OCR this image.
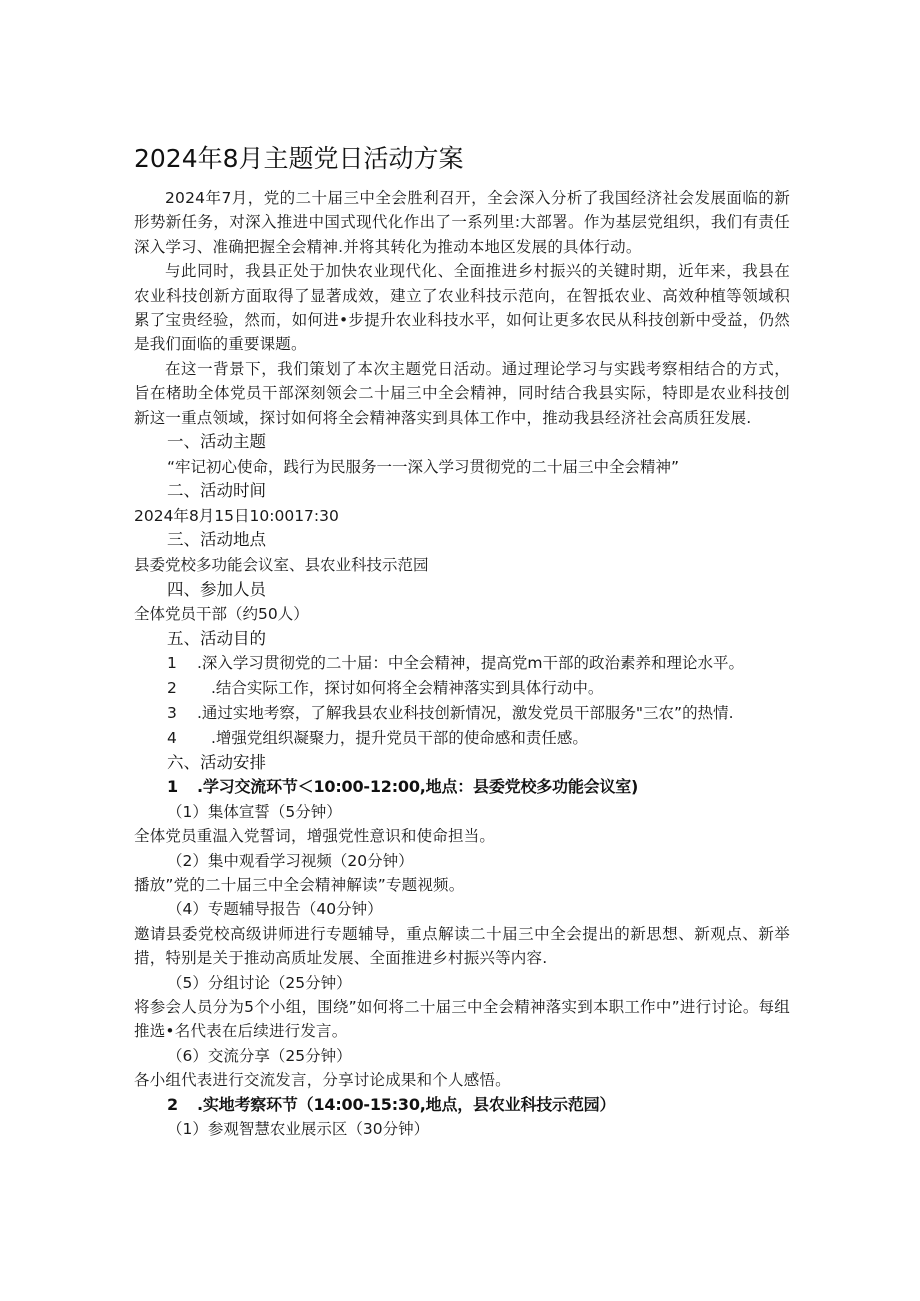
2024年8月主题党日活动方案

2024年7月，党的二十届三中全会胜利召开，全会深入分析了我国经济社会发展面临的新形势新任务，对深入推进中国式现代化作出了一系列里:大部署。作为基层党组织，我们有责任深入学习、准确把握全会精神.并将其转化为推动本地区发展的具体行动。

与此同时，我县正处于加快农业现代化、全面推进乡村振兴的关键时期，近年来，我县在农业科技创新方面取得了显著成效，建立了农业科技示范向，在智抵农业、高效种植等领域积累了宝贵经验，然而，如何进•步提升农业科技水平，如何让更多农民从科技创新中受益，仍然是我们面临的重要课题。

在这一背景下，我们策划了本次主题党日活动。通过理论学习与实践考察相结合的方式，旨在楮助全体党员干部深刻领会二十届三中全会精神，同时结合我县实际，特即是农业科技创新这一重点领域，探讨如何将全会精神落实到具体工作中，推动我县经济社会高质狂发展.

一、活动主题
“牢记初心使命，践行为民服务一一深入学习贯彻党的二十届三中全会精神”
二、活动时间
2024年8月15日10:0017:30
三、活动地点
县委党校多功能会议室、县农业科技示范园
四、参加人员
全体党员干部（约50人）
五、活动目的
1 .深入学习贯彻党的二十届：中全会精神，提高党m干部的政治素养和理论水平。
2 .结合实际工作，探讨如何将全会精神落实到具体行动中。
3 .通过实地考察，了解我县农业科技创新情况，激发党员干部服务"三农”的热情.
4 .增强党组织凝聚力，提升党员干部的使命感和责任感。
六、活动安排
1 .学习交流环节＜10:00-12:00,地点：县委党校多功能会议室)
（1）集体宣誓（5分钟）
全体党员重温入党誓词，增强党性意识和使命担当。
（2）集中观看学习视频（20分钟）
播放”党的二十届三中全会精神解读”专题视频。
（4）专题辅导报告（40分钟）
邀请县委党校高级讲师进行专题辅导，重点解读二十届三中全会提出的新思想、新观点、新举措，特别是关于推动高质址发展、全面推进乡村振兴等内容.
（5）分组讨论（25分钟）
将参会人员分为5个小组，围绕”如何将二十届三中全会精神落实到本职工作中”进行讨论。每组推选•名代表在后续进行发言。
（6）交流分享（25分钟）
各小组代表进行交流发言，分享讨论成果和个人感悟。
2 .实地考察环节（14:00-15:30,地点，县农业科技示范园）
（1）参观智慧农业展示区（30分钟）
